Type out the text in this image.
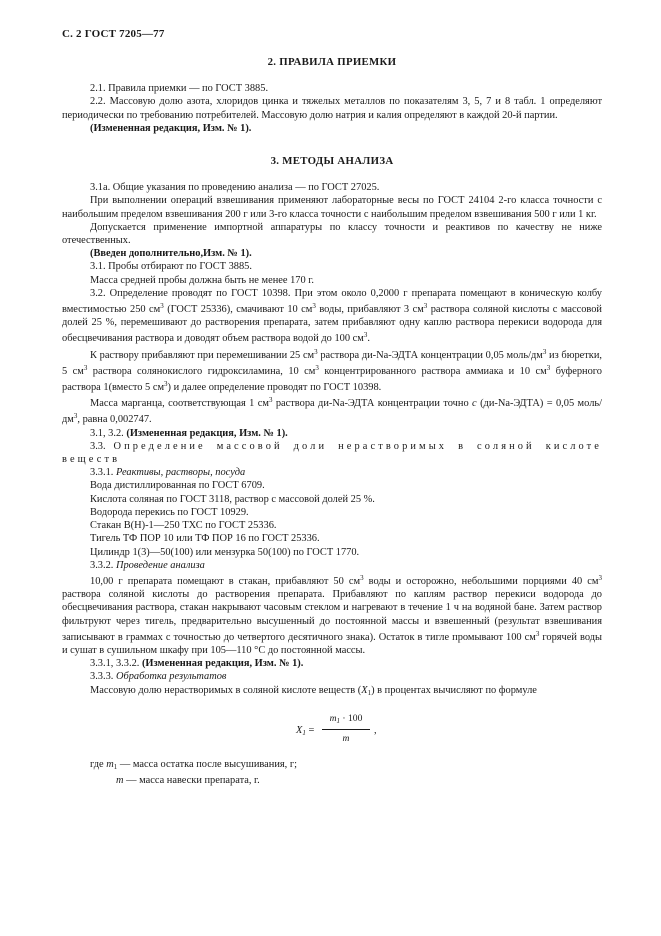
С. 2 ГОСТ 7205—77
2. ПРАВИЛА ПРИЕМКИ

2.1. Правила приемки — по ГОСТ 3885.

2.2. Массовую долю азота, хлоридов цинка и тяжелых металлов по показателям 3, 5, 7 и 8 табл. 1 определяют периодически по требованию потребителей. Массовую долю натрия и калия определяют в каждой 20-й партии.

(Измененная редакция, Изм. № 1).

3. МЕТОДЫ АНАЛИЗА

3.1а. Общие указания по проведению анализа — по ГОСТ 27025.

При выполнении операций взвешивания применяют лабораторные весы по ГОСТ 24104 2-го класса точности с наибольшим пределом взвешивания 200 г или 3-го класса точности с наибольшим пределом взвешивания 500 г или 1 кг.

Допускается применение импортной аппаратуры по классу точности и реактивов по качеству не ниже отечественных.

(Введен дополнительно,Изм. № 1).

3.1. Пробы отбирают по ГОСТ 3885.

Масса средней пробы должна быть не менее 170 г.

3.2. Определение проводят по ГОСТ 10398. При этом около 0,2000 г препарата помещают в коническую колбу вместимостью 250 $см^3$ (ГОСТ 25336), смачивают 10 $см^3$ воды, прибавляют 3 $см^3$ раствора соляной кислоты с массовой долей 25 %, перемешивают до растворения препарата, затем прибавляют одну каплю раствора перекиси водорода для обесцвечивания раствора и доводят объем раствора водой до 100 $см^3$.

К раствору прибавляют при перемешивании 25 $см^3$ раствора ди-Na-ЭДТА концентрации 0,05 моль/$дм^3$ из бюретки, 5 $см^3$ раствора солянокислого гидроксиламина, 10 $см^3$ концентрированного раствора аммиака и 10 $см^3$ буферного раствора 1(вместо 5 $см^3$) и далее определение проводят по ГОСТ 10398.

Масса марганца, соответствующая 1 $см^3$ раствора ди-Na-ЭДТА концентрации точно c (ди-Na-ЭДТА) = 0,05 моль/$дм^3$, равна 0,002747.

3.1, 3.2. (Измененная редакция, Изм. № 1).

3.3. Определение массовой доли нерастворимых в соляной кислоте веществ

3.3.1. Реактивы, растворы, посуда

Вода дистиллированная по ГОСТ 6709.

Кислота соляная по ГОСТ 3118, раствор с массовой долей 25 %.

Водорода перекись по ГОСТ 10929.

Стакан В(Н)-1—250 ТХС по ГОСТ 25336.

Тигель ТФ ПОР 10 или ТФ ПОР 16 по ГОСТ 25336.

Цилиндр 1(3)—50(100) или мензурка 50(100) по ГОСТ 1770.

3.3.2. Проведение анализа

10,00 г препарата помещают в стакан, прибавляют 50 $см^3$ воды и осторожно, небольшими порциями 40 $см^3$ раствора соляной кислоты до растворения препарата. Прибавляют по каплям раствор перекиси водорода до обесцвечивания раствора, стакан накрывают часовым стеклом и нагревают в течение 1 ч на водяной бане. Затем раствор фильтруют через тигель, предварительно высушенный до постоянной массы и взвешенный (результат взвешивания записывают в граммах с точностью до четвертого десятичного знака). Остаток в тигле промывают 100 $см^3$ горячей воды и сушат в сушильном шкафу при 105—110 °С до постоянной массы.

3.3.1, 3.3.2. (Измененная редакция, Изм. № 1).

3.3.3. Обработка результатов

Массовую долю нерастворимых в соляной кислоте веществ $(X_1)$ в процентах вычисляют по формуле

$X_1 = \frac{m_1 \cdot 100}{m}$ ,

где $m_1$ — масса остатка после высушивания, г;

m — масса навески препарата, г.
